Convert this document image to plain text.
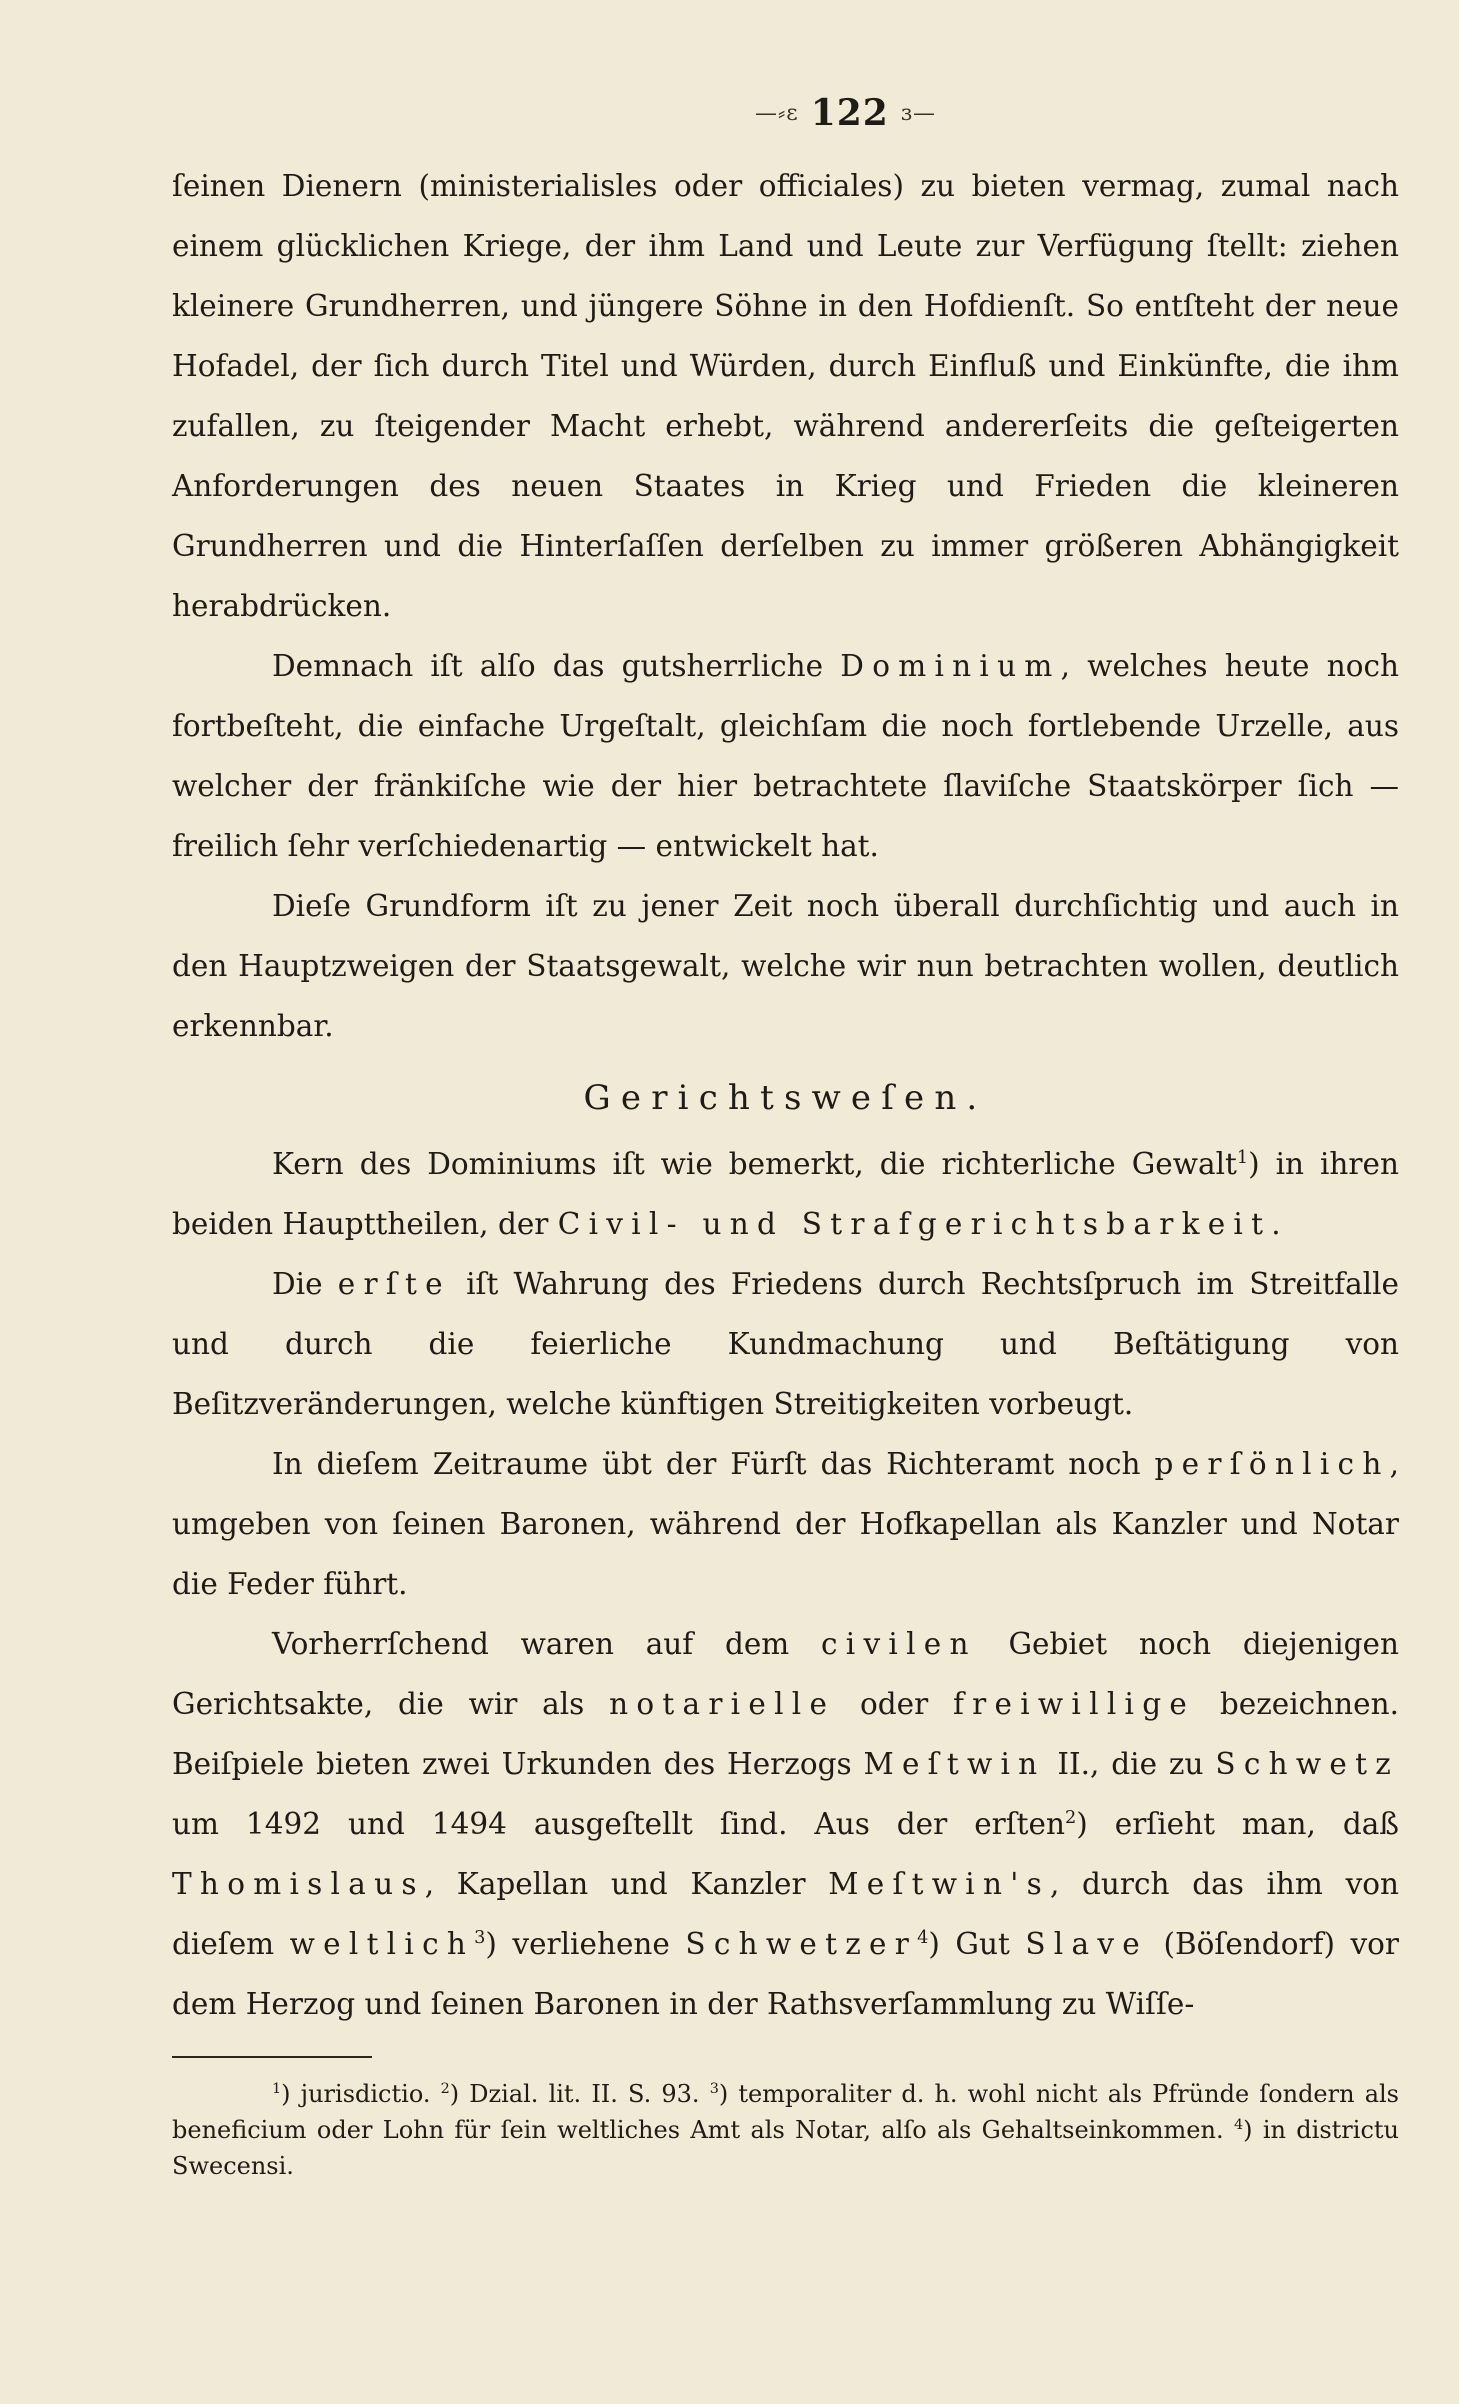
—⸗ɛ 122 ɜ—

ſeinen Dienern (ministerialisles oder officiales) zu bieten vermag, zumal nach einem glücklichen Kriege, der ihm Land und Leute zur Verfügung ſtellt: ziehen kleinere Grundherren, und jüngere Söhne in den Hofdienſt. So entſteht der neue Hofadel, der ſich durch Titel und Würden, durch Einfluß und Einkünfte, die ihm zufallen, zu ſteigender Macht erhebt, während andererſeits die geſteigerten Anforderungen des neuen Staates in Krieg und Frieden die kleineren Grundherren und die Hinterſaſſen derſelben zu immer größeren Abhängigkeit herabdrücken.

Demnach iſt alſo das gutsherrliche Dominium, welches heute noch fortbeſteht, die einfache Urgeſtalt, gleichſam die noch fortlebende Urzelle, aus welcher der fränkiſche wie der hier betrachtete ſlaviſche Staatskörper ſich — freilich ſehr verſchiedenartig — entwickelt hat.

Dieſe Grundform iſt zu jener Zeit noch überall durchſichtig und auch in den Hauptzweigen der Staatsgewalt, welche wir nun betrachten wollen, deutlich erkennbar.

Gerichtsweſen.

Kern des Dominiums iſt wie bemerkt, die richterliche Gewalt$^1$) in ihren beiden Haupttheilen, der Civil- und Strafgerichtsbarkeit.

Die erſte iſt Wahrung des Friedens durch Rechtsſpruch im Streitfalle und durch die feierliche Kundmachung und Beſtätigung von Beſitzveränderungen, welche künftigen Streitigkeiten vorbeugt.

In dieſem Zeitraume übt der Fürſt das Richteramt noch perſönlich, umgeben von ſeinen Baronen, während der Hofkapellan als Kanzler und Notar die Feder führt.

Vorherrſchend waren auf dem civilen Gebiet noch diejenigen Gerichtsakte, die wir als notarielle oder freiwillige bezeichnen. Beiſpiele bieten zwei Urkunden des Herzogs Meſtwin II., die zu Schwetz um 1492 und 1494 ausgeſtellt ſind. Aus der erſten$^2$) erſieht man, daß Thomislaus, Kapellan und Kanzler Meſtwin's, durch das ihm von dieſem weltlich$^3$) verliehene Schwetzer$^4$) Gut Slave (Böſendorf) vor dem Herzog und ſeinen Baronen in der Rathsverſammlung zu Wiſſe-

$^1$) jurisdictio. $^2$) Dzial. lit. II. S. 93. $^3$) temporaliter d. h. wohl nicht als Pfründe ſondern als beneficium oder Lohn für ſein weltliches Amt als Notar, alſo als Gehaltseinkommen. $^4$) in districtu Swecensi.
